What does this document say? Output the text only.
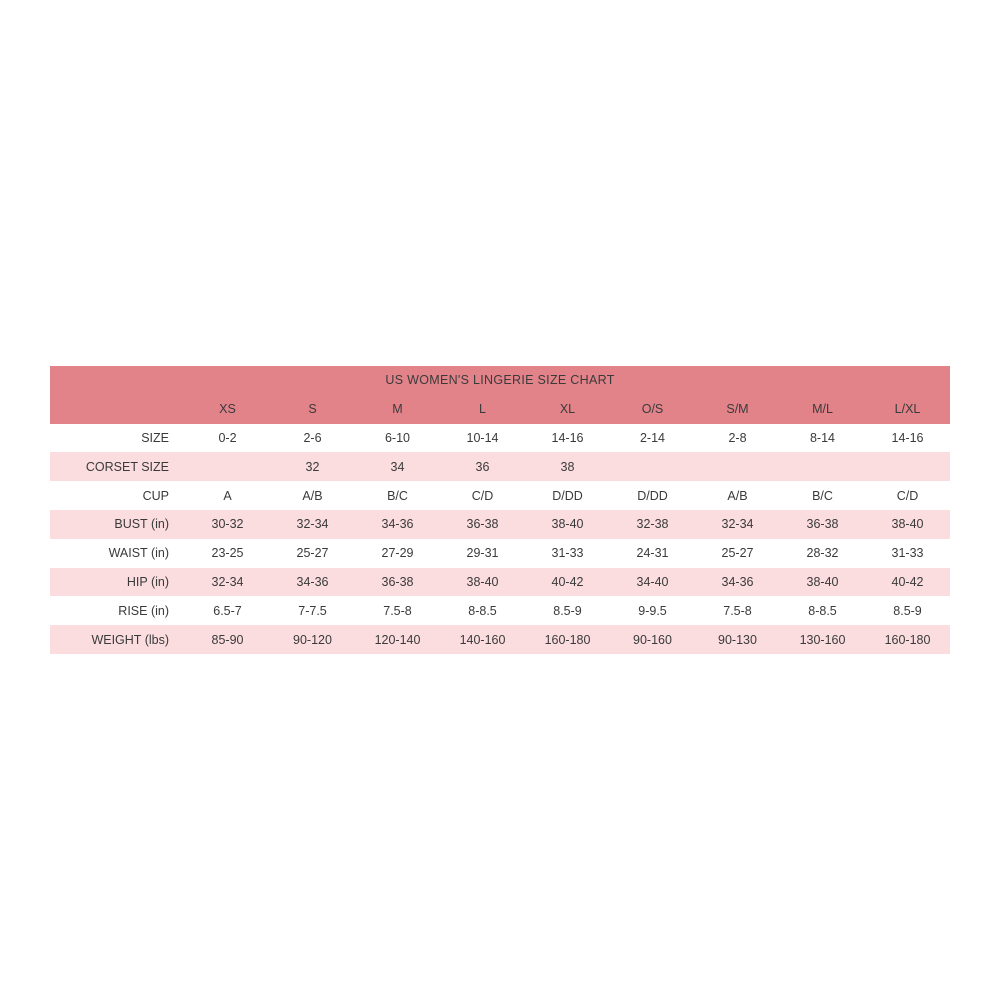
US WOMEN'S LINGERIE SIZE CHART									
	XS	S	M	L	XL	O/S	S/M	M/L	L/XL
SIZE	0-2	2-6	6-10	10-14	14-16	2-14	2-8	8-14	14-16
CORSET SIZE		32	34	36	38				
CUP	A	A/B	B/C	C/D	D/DD	D/DD	A/B	B/C	C/D
BUST (in)	30-32	32-34	34-36	36-38	38-40	32-38	32-34	36-38	38-40
WAIST (in)	23-25	25-27	27-29	29-31	31-33	24-31	25-27	28-32	31-33
HIP (in)	32-34	34-36	36-38	38-40	40-42	34-40	34-36	38-40	40-42
RISE (in)	6.5-7	7-7.5	7.5-8	8-8.5	8.5-9	9-9.5	7.5-8	8-8.5	8.5-9
WEIGHT (lbs)	85-90	90-120	120-140	140-160	160-180	90-160	90-130	130-160	160-180
